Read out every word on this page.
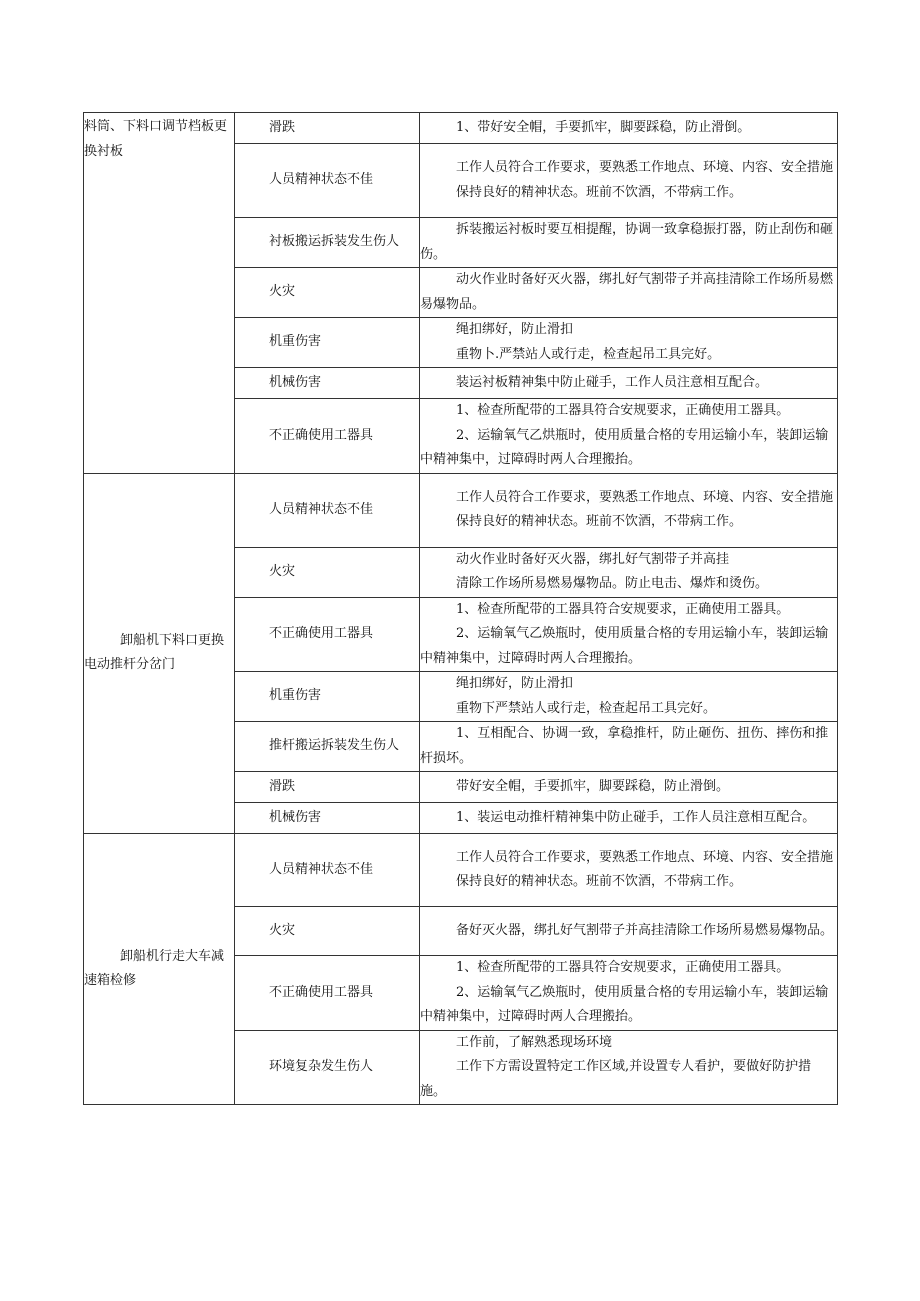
料筒、下料口调节档板更换衬板	滑跌	1、带好安全帽，手要抓牢，脚要踩稳，防止滑倒。

	人员精神状态不佳	工作人员符合工作要求，要熟悉工作地点、环境、内容、安全措施
保持良好的精神状态。班前不饮酒，不带病工作。

	衬板搬运拆装发生伤人	拆装搬运衬板时要互相提醒，协调一致拿稳振打器，防止刮伤和砸伤。

	火灾	动火作业时备好灭火器，绑扎好气割带子并高挂清除工作场所易燃易爆物品。

	机重伤害	绳扣绑好，防止滑扣
重物卜.严禁站人或行走，检查起吊工具完好。

	机械伤害	装运衬板精神集中防止碰手，工作人员注意相互配合。

	不正确使用工器具	1、检查所配带的工器具符合安规要求，正确使用工器具。
2、运输氧气乙烘瓶时，使用质量合格的专用运输小车，装卸运输中精神集中，过障碍时两人合理搬抬。

卸船机下料口更换电动推杆分岔门	人员精神状态不佳	工作人员符合工作要求，要熟悉工作地点、环境、内容、安全措施
保持良好的精神状态。班前不饮酒，不带病工作。

	火灾	动火作业时备好灭火器，绑扎好气割带子并高挂
清除工作场所易燃易爆物品。防止电击、爆炸和烫伤。

	不正确使用工器具	1、检查所配带的工器具符合安规要求，正确使用工器具。
2、运输氧气乙焕瓶时，使用质量合格的专用运输小车，装卸运输中精神集中，过障碍时两人合理搬抬。

	机重伤害	绳扣绑好，防止滑扣
重物下严禁站人或行走，检查起吊工具完好。

	推杆搬运拆装发生伤人	1、互相配合、协调一致，拿稳推杆，防止砸伤、扭伤、摔伤和推杆损坏。

	滑跌	带好安全帽，手要抓牢，脚要踩稳，防止滑倒。

	机械伤害	1、装运电动推杆精神集中防止碰手，工作人员注意相互配合。

卸船机行走大车减速箱检修	人员精神状态不佳	工作人员符合工作要求，要熟悉工作地点、环境、内容、安全措施
保持良好的精神状态。班前不饮酒，不带病工作。

	火灾	备好灭火器，绑扎好气割带子并高挂清除工作场所易燃易爆物品。

	不正确使用工器具	1、检查所配带的工器具符合安规要求，正确使用工器具。
2、运输氧气乙焕瓶时，使用质量合格的专用运输小车，装卸运输中精神集中，过障碍时两人合理搬抬。

	环境复杂发生伤人	工作前，了解熟悉现场环境
工作下方需设置特定工作区域,并设置专人看护，要做好防护措施。
